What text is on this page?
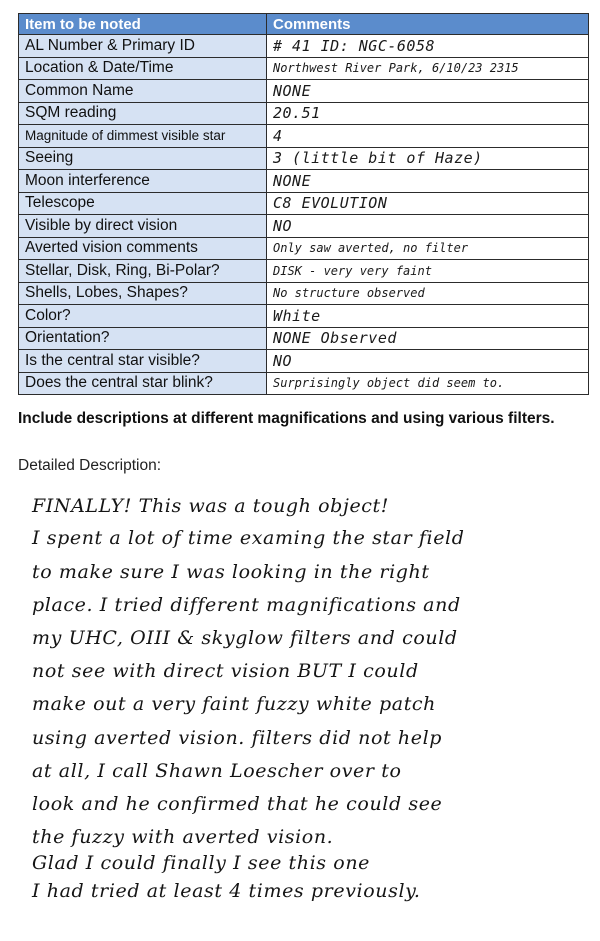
Item to be noted	Comments
AL Number & Primary ID	# 41 ID: NGC-6058
Location & Date/Time	Northwest River Park, 6/10/23 2315
Common Name	NONE
SQM reading	20.51
Magnitude of dimmest visible star	4
Seeing	3 (little bit of Haze)
Moon interference	NONE
Telescope	C8 EVOLUTION
Visible by direct vision	NO
Averted vision comments	Only saw averted, no filter
Stellar, Disk, Ring, Bi-Polar?	DISK - very very faint
Shells, Lobes, Shapes?	No structure observed
Color?	White
Orientation?	NONE Observed
Is the central star visible?	NO
Does the central star blink?	Surprisingly object did seem to.
Include descriptions at different magnifications and using various filters.
Detailed Description:
FINALLY! This was a tough object!
I spent a lot of time examing the star field
to make sure I was looking in the right
place. I tried different magnifications and
my UHC, OIII & skyglow filters and could
not see with direct vision BUT I could
make out a very faint fuzzy white patch
using averted vision. filters did not help
at all, I call Shawn Loescher over to
look and he confirmed that he could see
the fuzzy with averted vision.
Glad I could finally I see this one
I had tried at least 4 times previously.
